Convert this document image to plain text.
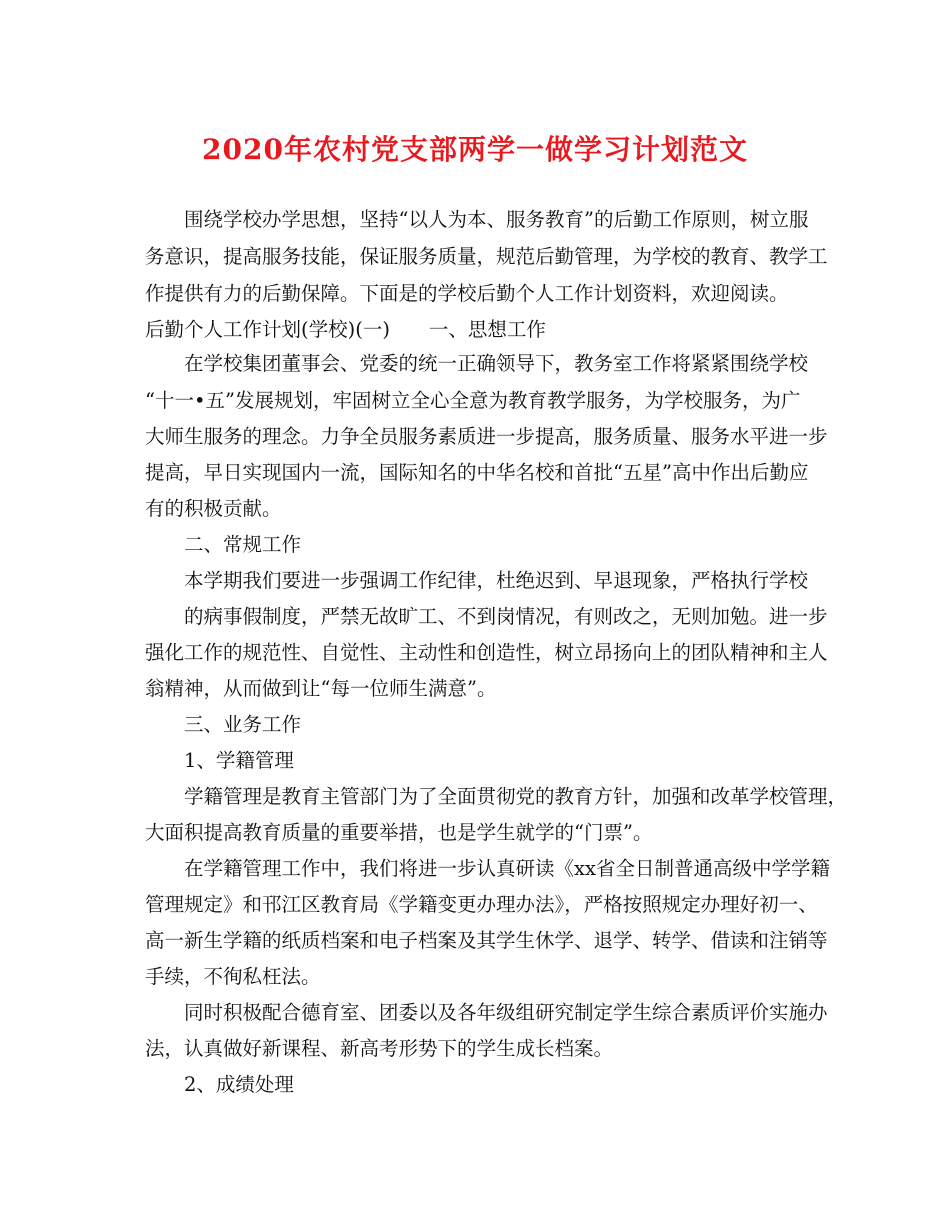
2020年农村党支部两学一做学习计划范文
　　围绕学校办学思想，坚持“以人为本、服务教育”的后勤工作原则，树立服
务意识，提高服务技能，保证服务质量，规范后勤管理，为学校的教育、教学工
作提供有力的后勤保障。下面是的学校后勤个人工作计划资料，欢迎阅读。
后勤个人工作计划(学校)(一)　　一、思想工作
　　在学校集团董事会、党委的统一正确领导下，教务室工作将紧紧围绕学校
“十一•五”发展规划，牢固树立全心全意为教育教学服务，为学校服务，为广
大师生服务的理念。力争全员服务素质进一步提高，服务质量、服务水平进一步
提高，早日实现国内一流，国际知名的中华名校和首批“五星”高中作出后勤应
有的积极贡献。
　　二、常规工作
　　本学期我们要进一步强调工作纪律，杜绝迟到、早退现象，严格执行学校
　　的病事假制度，严禁无故旷工、不到岗情况，有则改之，无则加勉。进一步
强化工作的规范性、自觉性、主动性和创造性，树立昂扬向上的团队精神和主人
翁精神，从而做到让“每一位师生满意”。
　　三、业务工作
　　1、学籍管理
　　学籍管理是教育主管部门为了全面贯彻党的教育方针，加强和改革学校管理，
大面积提高教育质量的重要举措，也是学生就学的“门票”。
　　在学籍管理工作中，我们将进一步认真研读《xx省全日制普通高级中学学籍
管理规定》和邗江区教育局《学籍变更办理办法》，严格按照规定办理好初一、
高一新生学籍的纸质档案和电子档案及其学生休学、退学、转学、借读和注销等
手续，不徇私枉法。
　　同时积极配合德育室、团委以及各年级组研究制定学生综合素质评价实施办
法，认真做好新课程、新高考形势下的学生成长档案。
　　2、成绩处理
